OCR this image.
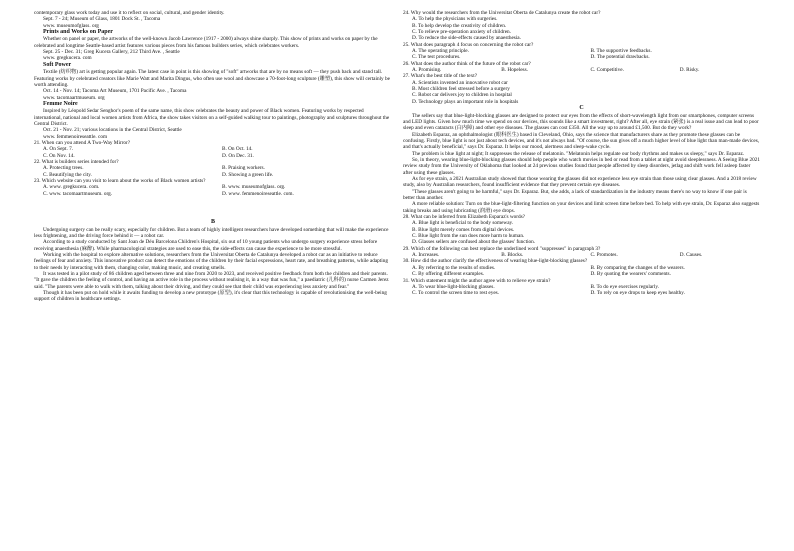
contemporary glass work today and use it to reflect on social, cultural, and gender identity.

Sept. 7 - 24; Museum of Glass, 1801 Dock St. , Tacoma

www. museumofglass. org

Prints and Works on Paper

Whether on panel or paper, the artworks of the well-known Jacob Lawrence (1917 - 2000) always shine sharply. This show of prints and works on paper by the celebrated and longtime Seattle-based artist features various pieces from his famous builders series, which celebrates workers.

Sept. 25 - Dec. 31; Greg Kucera Gallery, 212 Third Ave. , Seattle

www. gregkucera. com

Soft Power

Textile (纺织物) art is getting popular again. The latest case in point is this showing of "soft" artworks that are by no means soft — they push back and stand tall. Featuring works by celebrated creators like Marie Watt and Marita Dingus, who often use wool and showcase a 70-foot-long sculpture (雕塑), this show will certainly be worth attending.

Oct. 14 - Nov. 14; Tacoma Art Museum, 1701 Pacific Ave. , Tacoma

www. tacomaartmuseum. org

Femme Noire

Inspired by Léopold Sedar Senghor's poem of the same name, this show celebrates the beauty and power of Black women. Featuring works by respected international, national and local women artists from Africa, the show takes visitors on a self-guided walking tour to paintings, photography and sculptures throughout the Central District.

Oct. 21 - Nov. 21; various locations in the Central District, Seattle

www. femmenoireseattle. com

21. When can you attend A Two-Way Mirror?

A. On Sept. 7.	B. On Oct. 14.
C. On Nov. 14.	D. On Dec. 31.

22. What is builders series intended for?

A. Protecting trees.	B. Praising workers.
C. Beautifying the city.	D. Showing a green life.

23. Which website can you visit to learn about the works of Black women artists?

A. www. gregkucera. com.	B. www. museumofglass. org.
C. www. tacomaartmuseum. org.	D. www. femmenoireseattle. com.

B

Undergoing surgery can be really scary, especially for children. But a team of highly intelligent researchers have developed something that will make the experience less frightening, and the driving force behind it — a robot car.

According to a study conducted by Sant Joan de Déu Barcelona Children's Hospital, six out of 10 young patients who undergo surgery experience stress before receiving anaesthesia (麻醉). While pharmacological strategies are used to ease this, the side-effects can cause the experience to be more stressful.

Working with the hospital to explore alternative solutions, researchers from the Universitat Oberta de Catalunya developed a robot car as an initiative to reduce feelings of fear and anxiety. This innovative product can detect the emotions of the children by their facial expressions, heart rate, and breathing patterns, while adapting to their needs by interacting with them, changing color, making music, and creating smells.

It was tested in a pilot study of 86 children aged between three and nine from 2020 to 2023, and received positive feedback from both the children and their parents. "It gave the children the feeling of control, and having an active role in the process without realising it, in a way that was fun," a paediatric (儿科的) nurse Carmen Jerez said. "The parents were able to walk with them, talking about their driving, and they could see that their child was experiencing less anxiety and fear."

Though it has been put on hold while it awaits funding to develop a new prototype (原型), it's clear that this technology is capable of revolutionising the well-being support of children in healthcare settings.

24. Why would the researchers from the Universitat Oberta de Catalunya create the robot car?

A. To help the physicians with surgeries.
B. To help develop the creativity of children.
C. To relieve pre-operation anxiety of children.
D. To reduce the side-effects caused by anaesthesia.

25. What does paragraph 4 focus on concerning the robot car?

A. The operating principle.	B. The supportive feedbacks.
C. The test procedures.	D. The potential drawbacks.

26. What does the author think of the future of the robot car?

A. Promising.	B. Hopeless.	C. Competitive.	D. Risky.

27. What's the best title of the text?

A. Scientists invented an innovative robot car
B. Most children feel stressed before a surgery
C. Robot car delivers joy to children in hospital
D. Technology plays an important role in hospitals

C

The sellers say that blue-light-blocking glasses are designed to protect our eyes from the effects of short-wavelength light from our smartphones, computer screens and LED lights. Given how much time we spend on our devices, this sounds like a smart investment, right? After all, eye strain (紧张) is a real issue and can lead to poor sleep and even cataracts (白内障) and other eye diseases. The glasses can cost £350. All the way up to around £1,500. But do they work?

Elizabeth Esparaz, an ophthalmologist (眼科医生) based in Cleveland, Ohio, says the science that manufacturers share as they promote these glasses can be confusing. Firstly, blue light is not just about tech devices, and it's not always bad. "Of course, the sun gives off a much higher level of blue light than man-made devices, and that's actually beneficial," says Dr. Esparaz. It helps our mood, alertness and sleep-wake cycle.

The problem is blue light at night; It suppresses the release of melatonin. "Melatonin helps regulate our body rhythms and makes us sleepy," says Dr. Esparaz.

So, in theory, wearing blue-light-blocking glasses should help people who watch movies in bed or read from a tablet at night avoid sleeplessness. A Seeing Blue 2021 review study from the University of Oklahoma that looked at 24 previous studies found that people affected by sleep disorders, jetlag and shift work fell asleep faster after using these glasses.

As for eye strain, a 2021 Australian study showed that those wearing the glasses did not experience less eye strain than those using clear glasses. And a 2018 review study, also by Australian researchers, found insufficient evidence that they prevent certain eye diseases.

"These glasses aren't going to be harmful," says Dr. Esparaz. But, she adds, a lack of standardization in the industry means there's no way to know if one pair is better than another.

A more reliable solution: Turn on the blue-light-filtering function on your devices and limit screen time before bed. To help with eye strain, Dr. Esparaz also suggests taking breaks and using lubricating (润滑) eye drops.

28. What can be inferred from Elizabeth Esparaz's words?

A. Blue light is beneficial to the body someway.
B. Blue light merely comes from digital devices.
C. Blue light from the sun does more harm to human.
D. Glasses sellers are confused about the glasses' function.

29. Which of the following can best replace the underlined word "suppresses" in paragraph 3?

A. Increases.	B. Blocks.	C. Promotes.	D. Causes.

30. How did the author clarify the effectiveness of wearing blue-light-blocking glasses?

A. By referring to the results of studies.	B. By comparing the changes of the wearers.
C. By offering different examples.	D. By quoting the wearers' comments.

31. Which statement might the author agree with to relieve eye strain?

A. To wear blue-light-blocking glasses.	B. To do eye exercises regularly.
C. To control the screen time to rest eyes.	D. To rely on eye drops to keep eyes healthy.
